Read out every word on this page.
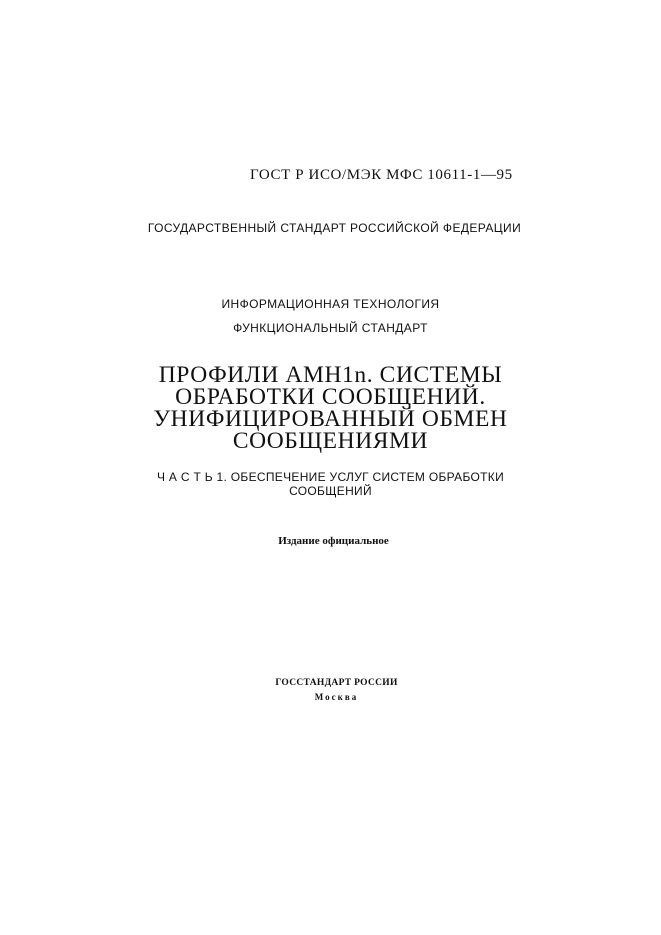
ГОСТ Р ИСО/МЭК МФС 10611-1—95
ГОСУДАРСТВЕННЫЙ СТАНДАРТ РОССИЙСКОЙ ФЕДЕРАЦИИ
ИНФОРМАЦИОННАЯ ТЕХНОЛОГИЯ
ФУНКЦИОНАЛЬНЫЙ СТАНДАРТ
ПРОФИЛИ АМН1n. СИСТЕМЫ
ОБРАБОТКИ СООБЩЕНИЙ.
УНИФИЦИРОВАННЫЙ ОБМЕН
СООБЩЕНИЯМИ
Ч А С Т Ь 1. ОБЕСПЕЧЕНИЕ УСЛУГ СИСТЕМ ОБРАБОТКИ
СООБЩЕНИЙ
Издание официальное
ГОССТАНДАРТ РОССИИ
Москва
